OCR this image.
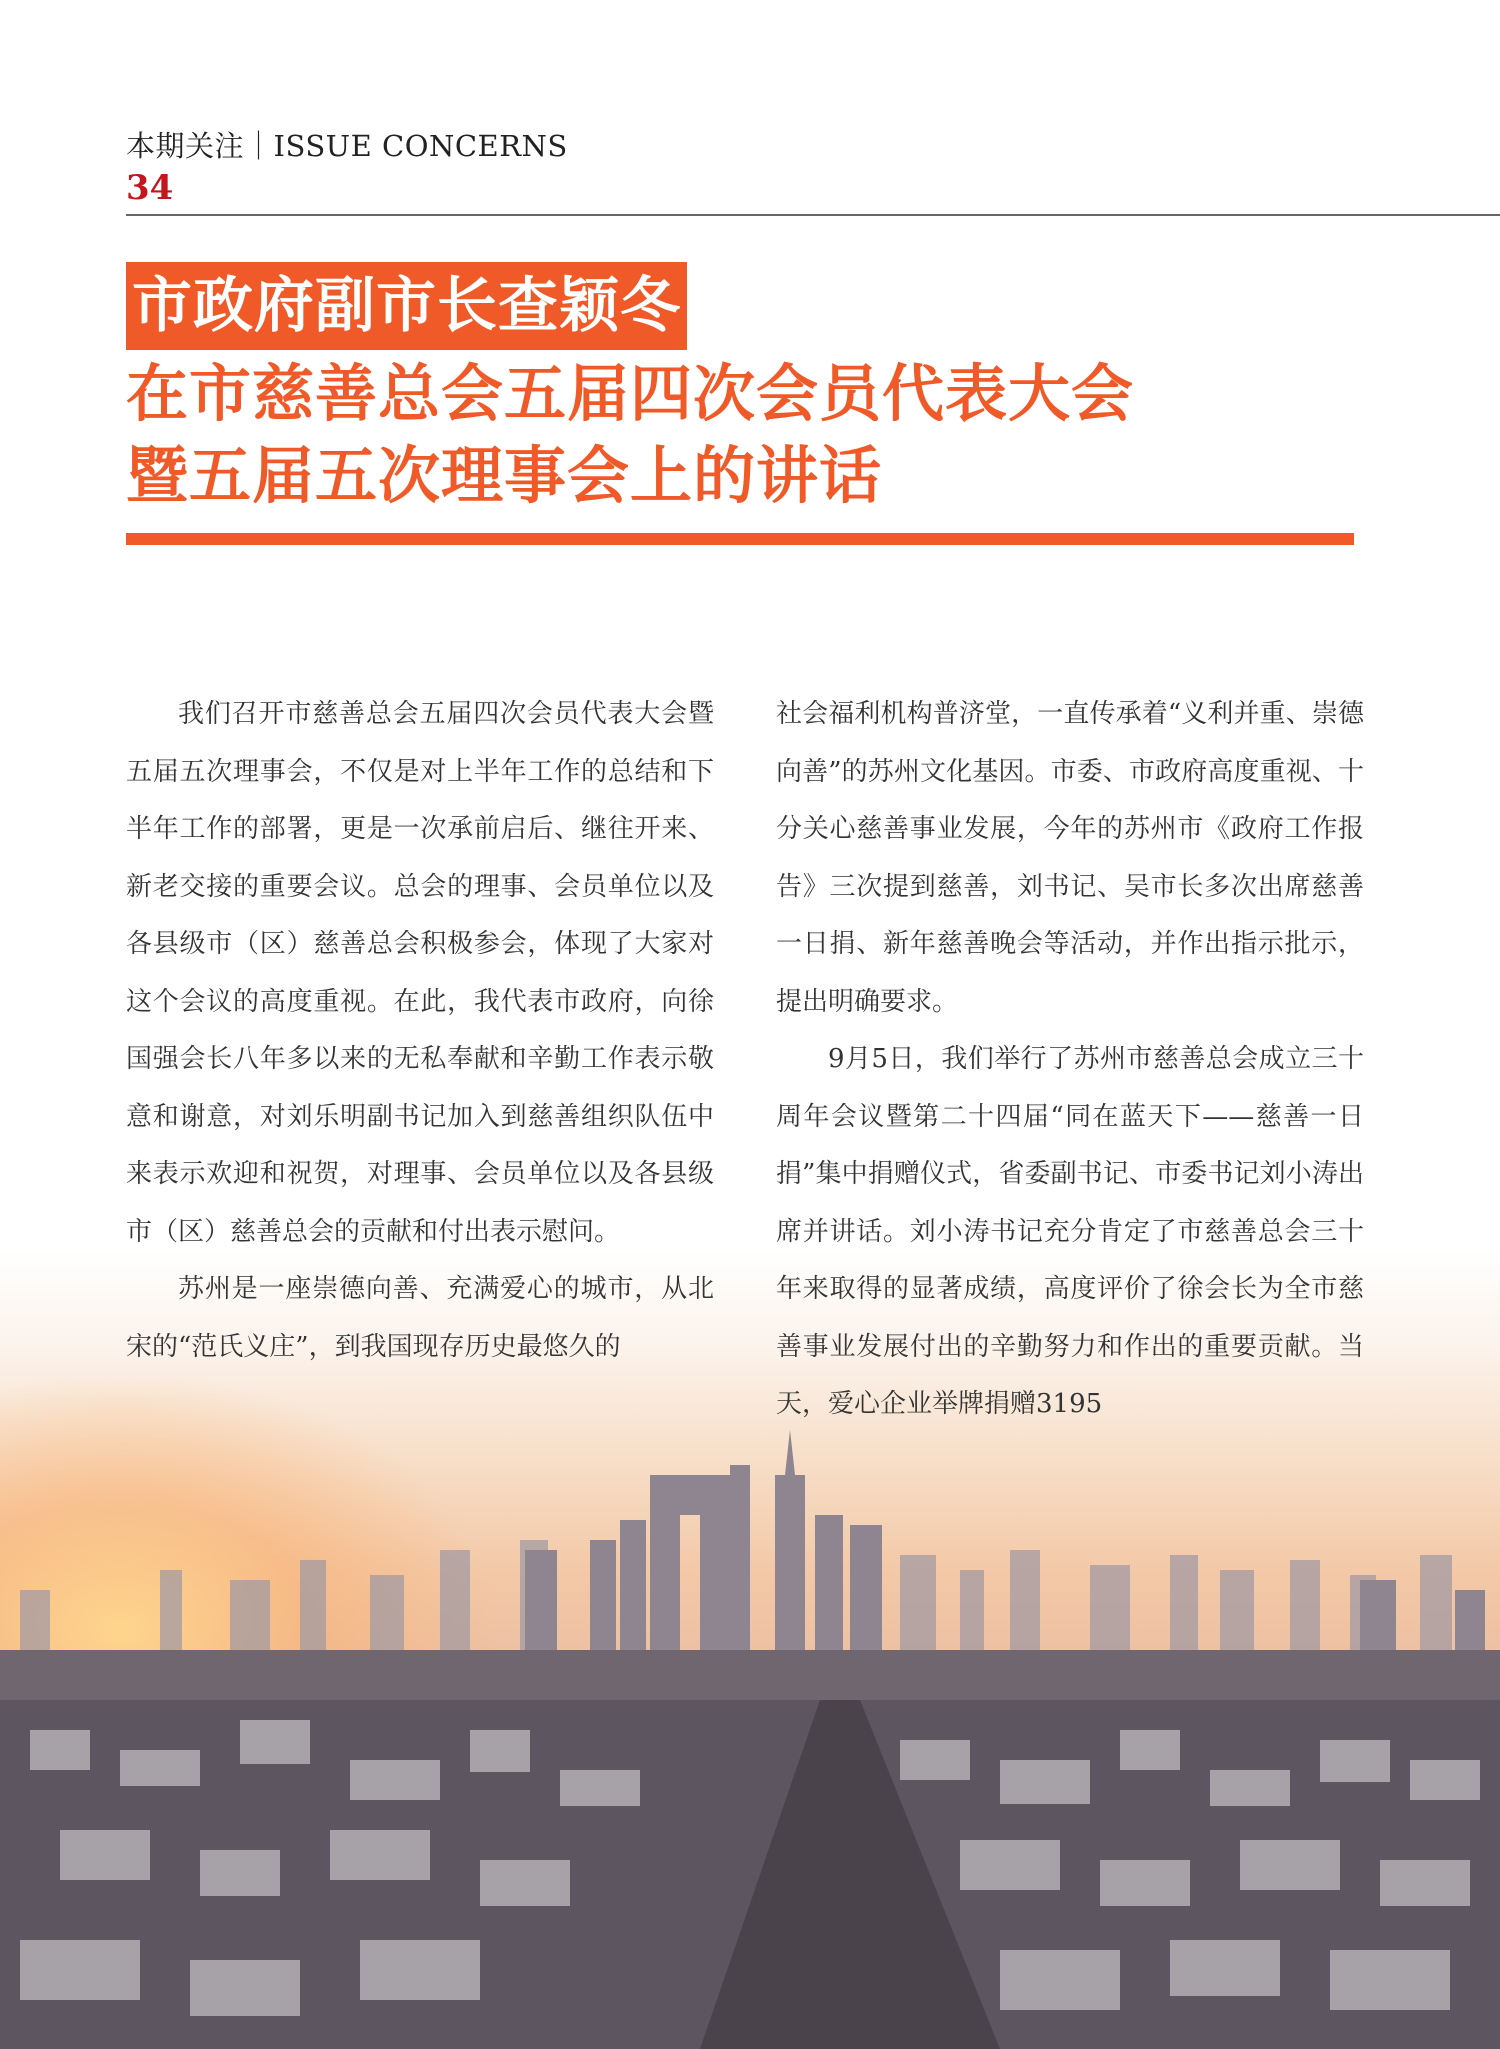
本期关注｜ISSUE CONCERNS
34
市政府副市长查颖冬
在市慈善总会五届四次会员代表大会
暨五届五次理事会上的讲话

我们召开市慈善总会五届四次会员代表大会暨五届五次理事会，不仅是对上半年工作的总结和下半年工作的部署，更是一次承前启后、继往开来、新老交接的重要会议。总会的理事、会员单位以及各县级市（区）慈善总会积极参会，体现了大家对这个会议的高度重视。在此，我代表市政府，向徐国强会长八年多以来的无私奉献和辛勤工作表示敬意和谢意，对刘乐明副书记加入到慈善组织队伍中来表示欢迎和祝贺，对理事、会员单位以及各县级市（区）慈善总会的贡献和付出表示慰问。

苏州是一座崇德向善、充满爱心的城市，从北宋的“范氏义庄”，到我国现存历史最悠久的

社会福利机构普济堂，一直传承着“义利并重、崇德向善”的苏州文化基因。市委、市政府高度重视、十分关心慈善事业发展，今年的苏州市《政府工作报告》三次提到慈善，刘书记、吴市长多次出席慈善一日捐、新年慈善晚会等活动，并作出指示批示，提出明确要求。

9月5日，我们举行了苏州市慈善总会成立三十周年会议暨第二十四届“同在蓝天下——慈善一日捐”集中捐赠仪式，省委副书记、市委书记刘小涛出席并讲话。刘小涛书记充分肯定了市慈善总会三十年来取得的显著成绩，高度评价了徐会长为全市慈善事业发展付出的辛勤努力和作出的重要贡献。当天，爱心企业举牌捐赠3195
